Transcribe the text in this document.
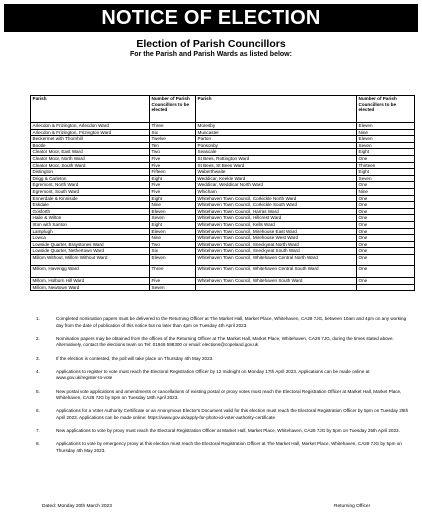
NOTICE OF ELECTION
Election of Parish Councillors
For the Parish and Parish Wards as listed below:
Parish	Number of Parish Councillors to be elected	Parish	Number of Parish Councillors to be elected
Arlecdon & Frizington, Arlecdon Ward	Three	Moresby	Eleven
Arlecdon & Frizington, Frizington Ward	Six	Muncaster	Nine
Beckermet with Thornhill	Twelve	Parton	Eleven
Bootle	Ten	Ponsonby	Seven
Cleator Moor, East Ward	Two	Seascale	Eight
Cleator Moor, North Ward	Five	St Bees, Rottington Ward	One
Cleator Moor, South Ward	Five	St Bees, St Bees Ward	Thirteen
Distington	Fifteen	Waberthwaite	Eight
Drigg & Carleton	Eight	Weddicar, Keekle Ward	Seven
Egremont, North Ward	Five	Weddicar, Weddicar North Ward	One
Egremont, South Ward	Five	Whicham	Nine
Ennerdale & Kinniside	Eight	Whitehaven Town Council, Corkickle North Ward	One
Eskdale	Nine	Whitehaven Town Council, Corkickle South Ward	One
Gosforth	Eleven	Whitehaven Town Council, Harras Ward	One
Haile & Wilton	Seven	Whitehaven Town Council, Hillcrest Ward	One
Irton with Santon	Eight	Whitehaven Town Council, Kells Ward	One
Lamplugh	Eleven	Whitehaven Town Council, Mirehouse East Ward	One
Lowca	Nine	Whitehaven Town Council, Mirehouse West Ward	One
Lowside Quarter, Braystones Ward	Two	Whitehaven Town Council, Sneckyeat North Ward	One
Lowside Quarter, Nethertown Ward	Six	Whitehaven Town Council, Sneckyeat South Ward	One
Millom Without, Millom Without Ward	Eleven	Whitehaven Town Council, Whitehaven Central North Ward	One
Millom, Haverigg Ward	Three	Whitehaven Town Council, Whitehaven Central South Ward	One
Millom, Holborn Hill Ward	Five	Whitehaven Town Council, Whitehaven South Ward	One
Millom, Newtown Ward	Seven		
1.	Completed nomination papers must be delivered to the Returning Officer at The Market Hall, Market Place, Whitehaven, CA28 7JG, between 10am and 4pm on any working day from the date of publication of this notice but no later than 4pm on Tuesday 4th April 2023.
2.	Nomination papers may be obtained from the offices of the Returning Officer at The Market Hall, Market Place, Whitehaven, CA28 7JG, during the times stated above. Alternatively, contact the elections team on Tel: 01946 598300 or email: elections@copeland.gov.uk
3.	If the election is contested, the poll will take place on Thursday 4th May 2023.
4.	Applications to register to vote must reach the Electoral Registration Officer by 12 midnight on Monday 17th April 2023. Applications can be made online at www.gov.uk/register-to-vote
5.	New postal vote applications and amendments or cancellations of existing postal or proxy votes must reach the Electoral Registration Officer at Market Hall, Market Place, Whitehaven, CA28 7JG by 5pm on Tuesday 18th April 2023.
6.	Applications for a Voter Authority Certificate or an Anonymous Elector's Document valid for this election must reach the Electoral Registration Officer by 5pm on Tuesday 25th April 2023. Applications can be made online: https://www.gov.uk/apply-for-photo-id-voter-authority-certificate
7.	New applications to vote by proxy must reach the Electoral Registration Officer at Market Hall, Market Place, Whitehaven, CA28 7JG by 5pm on Tuesday 25th April 2023.
8.	Applications to vote by emergency proxy at this election must reach the Electoral Registration Officer at The Market Hall, Market Place, Whitehaven, CA28 7JG by 5pm on Thursday 4th May 2023.
Dated: Monday 20th March 2023	Returning Officer
